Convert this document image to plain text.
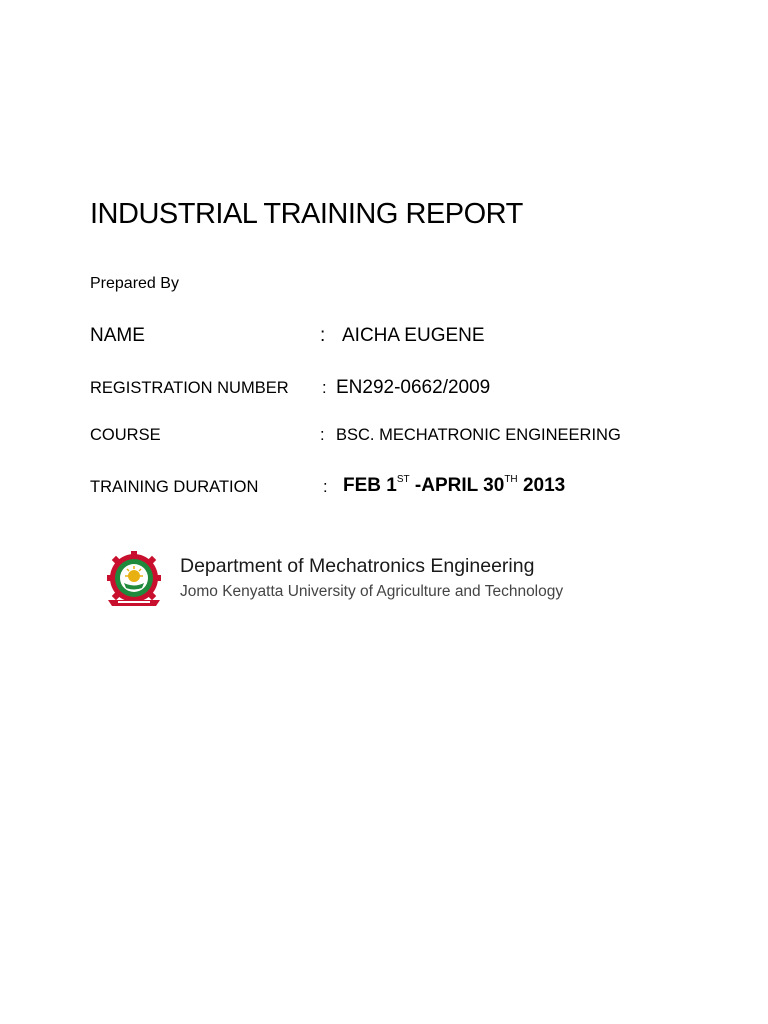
INDUSTRIAL TRAINING REPORT
Prepared By
NAME	: AICHA EUGENE
REGISTRATION NUMBER : EN292-0662/2009
COURSE	: BSC. MECHATRONIC ENGINEERING
TRAINING DURATION	: FEB 1ST -APRIL 30TH 2013
Department of Mechatronics Engineering
Jomo Kenyatta University of Agriculture and Technology
